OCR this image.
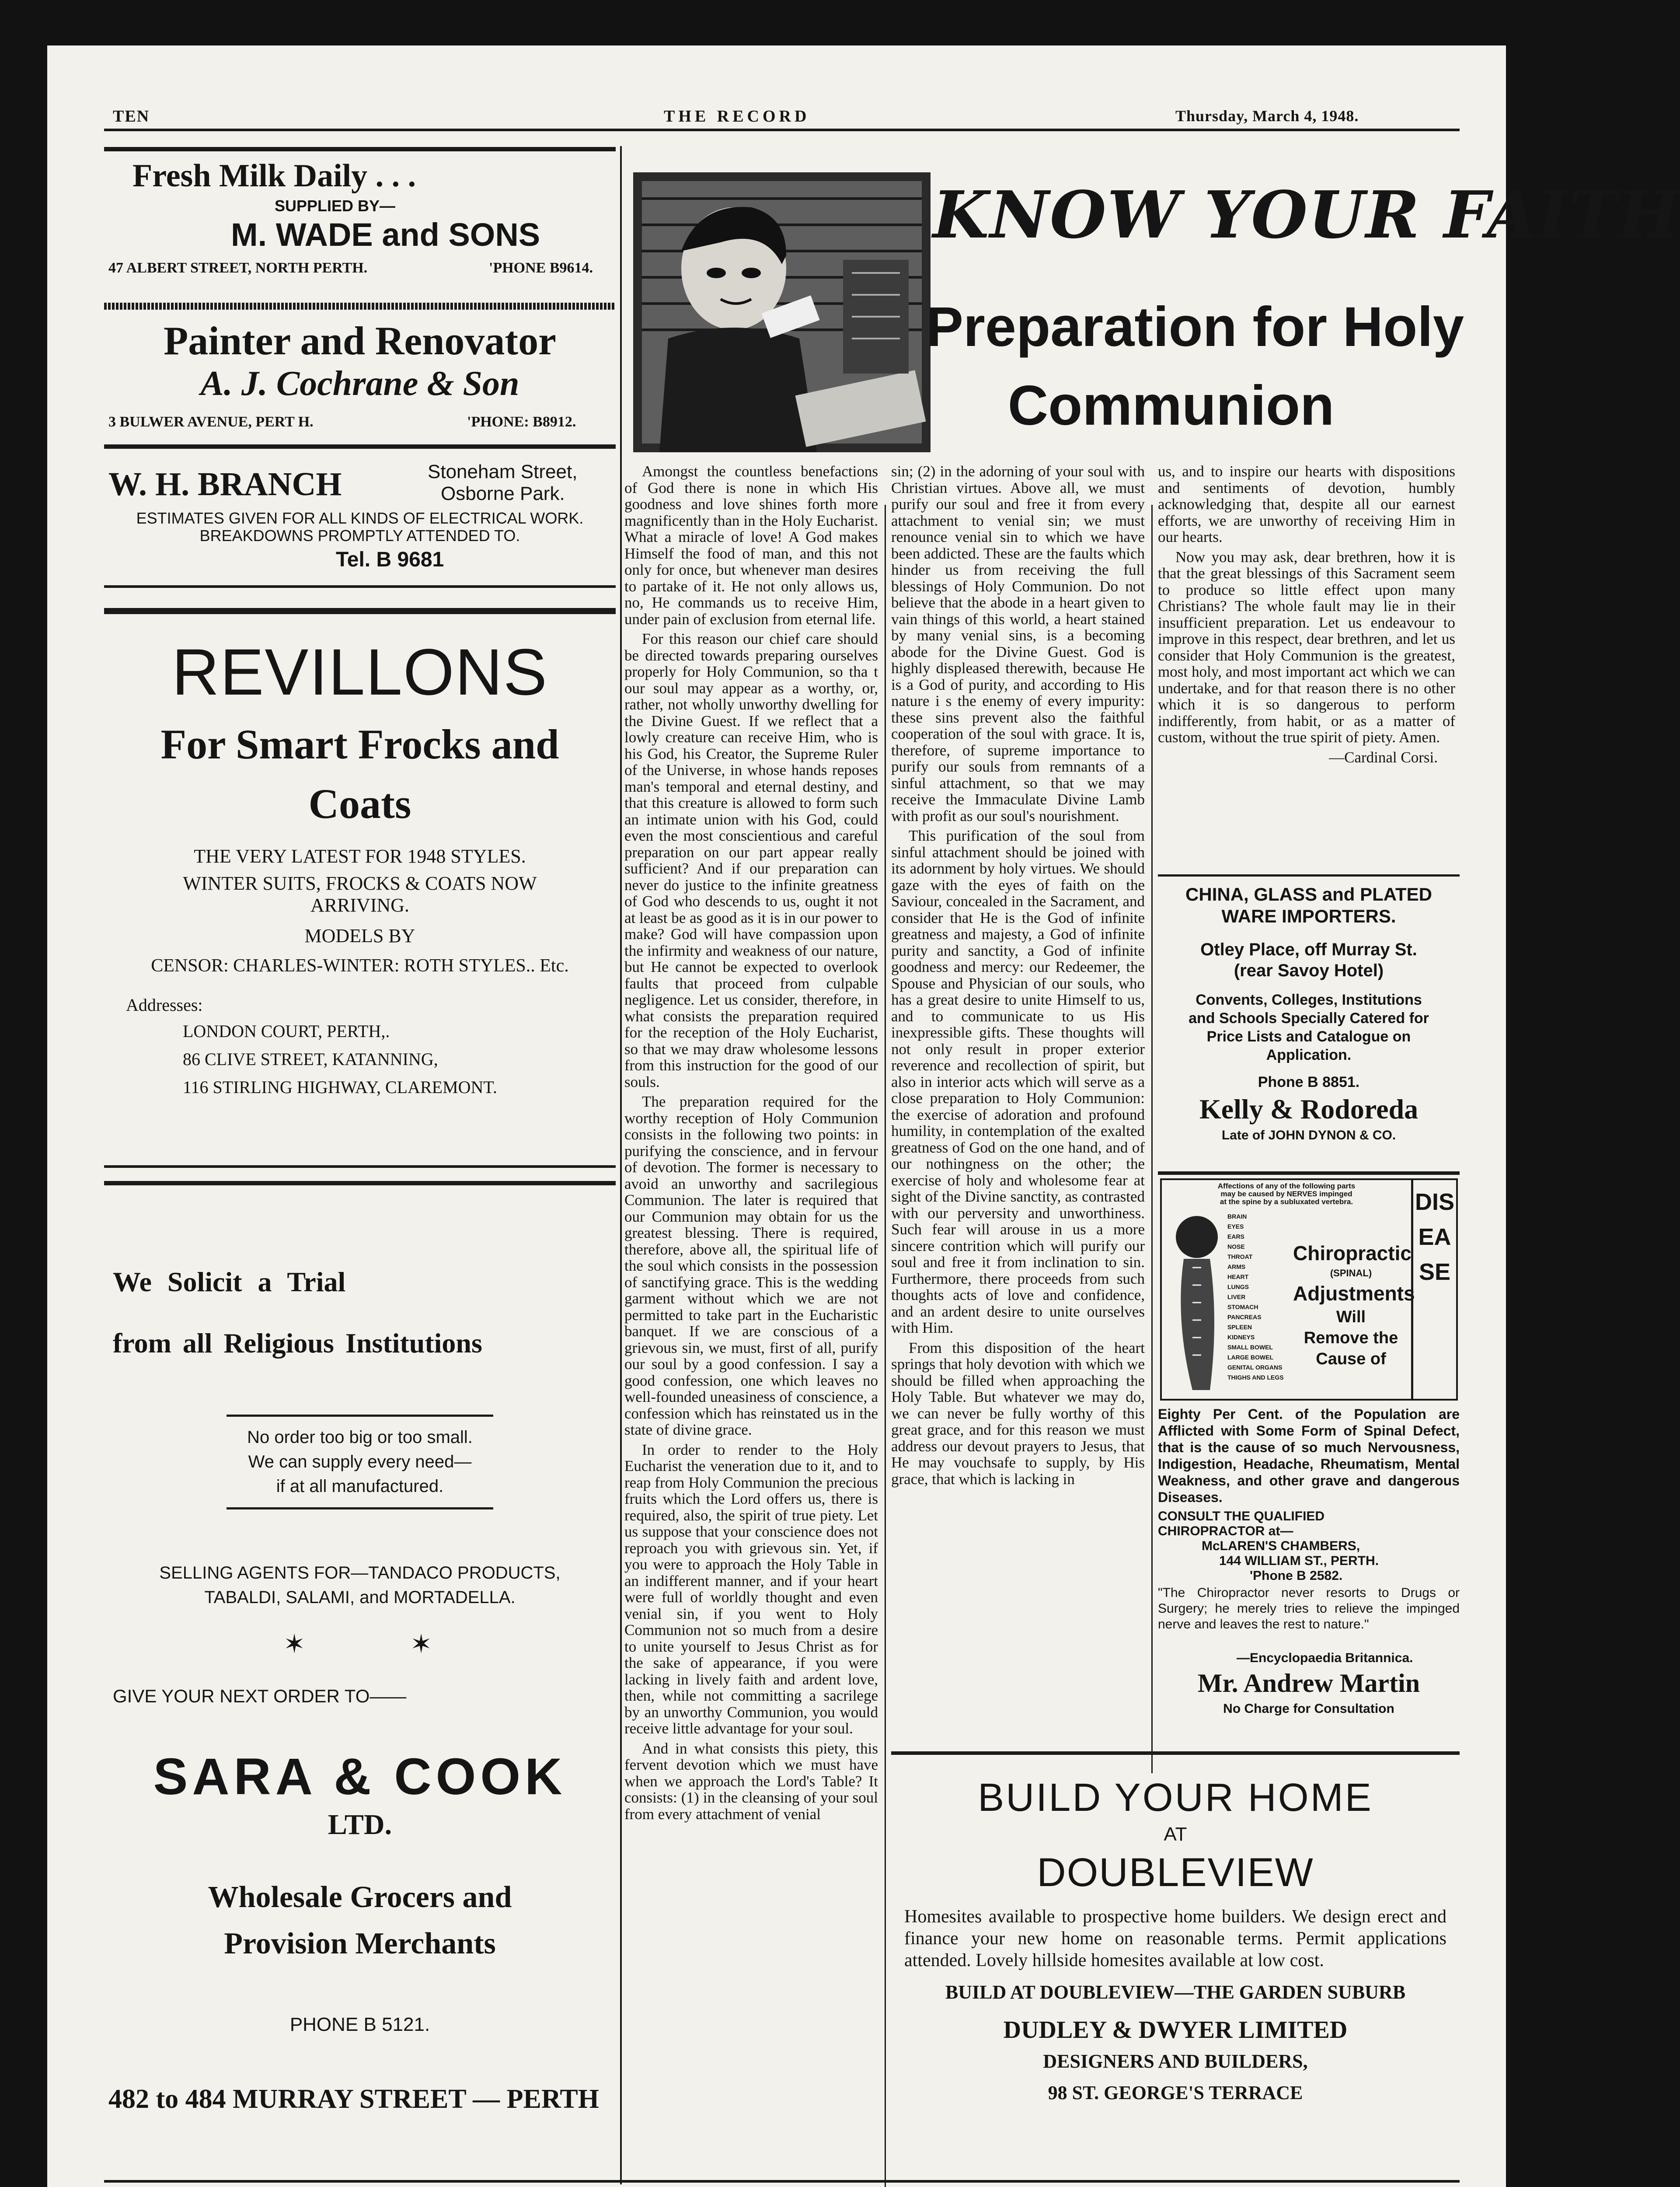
TEN	THE RECORD	Thursday, March 4, 1948.
Fresh Milk Daily . . .
SUPPLIED BY—
M. WADE and SONS
47 ALBERT STREET, NORTH PERTH.	'PHONE B9614.
Painter and Renovator
A. J. Cochrane & Son
3 BULWER AVENUE, PERT H.	'PHONE: B8912.
W. H. BRANCH	Stoneham Street,
Osborne Park.
ESTIMATES GIVEN FOR ALL KINDS OF ELECTRICAL WORK.
BREAKDOWNS PROMPTLY ATTENDED TO.
Tel. B 9681
REVILLONS
For Smart Frocks and
Coats
THE VERY LATEST FOR 1948 STYLES.
WINTER SUITS, FROCKS & COATS NOW
ARRIVING.
MODELS BY
CENSOR: CHARLES-WINTER: ROTH STYLES.. Etc.
Addresses:
LONDON COURT, PERTH,.
86 CLIVE STREET, KATANNING,
116 STIRLING HIGHWAY, CLAREMONT.
We Solicit a Trial
from all Religious Institutions
No order too big or too small.
We can supply every need—
if at all manufactured.
SELLING AGENTS FOR—TANDACO PRODUCTS,
TABALDI, SALAMI, and MORTADELLA.
✶	✶
GIVE YOUR NEXT ORDER TO——
SARA & COOK
LTD.
Wholesale Grocers and
Provision Merchants
PHONE B 5121.
482 to 484 MURRAY STREET — PERTH
KNOW YOUR FAITH
Preparation for Holy
Communion

Amongst the countless benefactions of God there is none in which His goodness and love shines forth more magnificently than in the Holy Eucharist. What a miracle of love! A God makes Himself the food of man, and this not only for once, but whenever man desires to partake of it. He not only allows us, no, He commands us to receive Him, under pain of exclusion from eternal life.

For this reason our chief care should be directed towards preparing ourselves properly for Holy Communion, so tha t our soul may appear as a worthy, or, rather, not wholly unworthy dwelling for the Divine Guest. If we reflect that a lowly creature can receive Him, who is his God, his Creator, the Supreme Ruler of the Universe, in whose hands reposes man's temporal and eternal destiny, and that this creature is allowed to form such an intimate union with his God, could even the most conscientious and careful preparation on our part appear really sufficient? And if our preparation can never do justice to the infinite greatness of God who descends to us, ought it not at least be as good as it is in our power to make? God will have compassion upon the infirmity and weakness of our nature, but He cannot be expected to overlook faults that proceed from culpable negligence. Let us consider, therefore, in what consists the preparation required for the reception of the Holy Eucharist, so that we may draw wholesome lessons from this instruction for the good of our souls.

The preparation required for the worthy reception of Holy Communion consists in the following two points: in purifying the conscience, and in fervour of devotion. The former is necessary to avoid an unworthy and sacrilegious Communion. The later is required that our Communion may obtain for us the greatest blessing. There is required, therefore, above all, the spiritual life of the soul which consists in the possession of sanctifying grace. This is the wedding garment without which we are not permitted to take part in the Eucharistic banquet. If we are conscious of a grievous sin, we must, first of all, purify our soul by a good confession. I say a good confession, one which leaves no well-founded uneasiness of conscience, a confession which has reinstated us in the state of divine grace.

In order to render to the Holy Eucharist the veneration due to it, and to reap from Holy Communion the precious fruits which the Lord offers us, there is required, also, the spirit of true piety. Let us suppose that your conscience does not reproach you with grievous sin. Yet, if you were to approach the Holy Table in an indifferent manner, and if your heart were full of worldly thought and even venial sin, if you went to Holy Communion not so much from a desire to unite yourself to Jesus Christ as for the sake of appearance, if you were lacking in lively faith and ardent love, then, while not committing a sacrilege by an unworthy Communion, you would receive little advantage for your soul.

And in what consists this piety, this fervent devotion which we must have when we approach the Lord's Table? It consists: (1) in the cleansing of your soul from every attachment of venial

sin; (2) in the adorning of your soul with Christian virtues. Above all, we must purify our soul and free it from every attachment to venial sin; we must renounce venial sin to which we have been addicted. These are the faults which hinder us from receiving the full blessings of Holy Communion. Do not believe that the abode in a heart given to vain things of this world, a heart stained by many venial sins, is a becoming abode for the Divine Guest. God is highly displeased therewith, because He is a God of purity, and according to His nature i s the enemy of every impurity: these sins prevent also the faithful cooperation of the soul with grace. It is, therefore, of supreme importance to purify our souls from remnants of a sinful attachment, so that we may receive the Immaculate Divine Lamb with profit as our soul's nourishment.

This purification of the soul from sinful attachment should be joined with its adornment by holy virtues. We should gaze with the eyes of faith on the Saviour, concealed in the Sacrament, and consider that He is the God of infinite greatness and majesty, a God of infinite purity and sanctity, a God of infinite goodness and mercy: our Redeemer, the Spouse and Physician of our souls, who has a great desire to unite Himself to us, and to communicate to us His inexpressible gifts. These thoughts will not only result in proper exterior reverence and recollection of spirit, but also in interior acts which will serve as a close preparation to Holy Communion: the exercise of adoration and profound humility, in contemplation of the exalted greatness of God on the one hand, and of our nothingness on the other; the exercise of holy and wholesome fear at sight of the Divine sanctity, as contrasted with our perversity and unworthiness. Such fear will arouse in us a more sincere contrition which will purify our soul and free it from inclination to sin. Furthermore, there proceeds from such thoughts acts of love and confidence, and an ardent desire to unite ourselves with Him.

From this disposition of the heart springs that holy devotion with which we should be filled when approaching the Holy Table. But whatever we may do, we can never be fully worthy of this great grace, and for this reason we must address our devout prayers to Jesus, that He may vouchsafe to supply, by His grace, that which is lacking in

us, and to inspire our hearts with dispositions and sentiments of devotion, humbly acknowledging that, despite all our earnest efforts, we are unworthy of receiving Him in our hearts.

Now you may ask, dear brethren, how it is that the great blessings of this Sacrament seem to produce so little effect upon many Christians? The whole fault may lie in their insufficient preparation. Let us endeavour to improve in this respect, dear brethren, and let us consider that Holy Communion is the greatest, most holy, and most important act which we can undertake, and for that reason there is no other which it is so dangerous to perform indifferently, from habit, or as a matter of custom, without the true spirit of piety. Amen.

—Cardinal Corsi.
CHINA, GLASS and PLATED
WARE IMPORTERS.
Otley Place, off Murray St.
(rear Savoy Hotel)
Convents, Colleges, Institutions
and Schools Specially Catered for
Price Lists and Catalogue on
Application.
Phone B 8851.
Kelly & Rodoreda
Late of JOHN DYNON & CO.
Affections of any of the following parts
may be caused by NERVES impinged
at the spine by a subluxated vertebra.
BRAIN
EYES
EARS
NOSE
THROAT
ARMS
HEART
LUNGS
LIVER
STOMACH
PANCREAS
SPLEEN
KIDNEYS
SMALL BOWEL
LARGE BOWEL
GENITAL ORGANS
THIGHS AND LEGS
Chiropractic
(SPINAL)
Adjustments
Will
Remove the
Cause of
DISEASE
Eighty Per Cent. of the Population are Afflicted with Some Form of Spinal Defect, that is the cause of so much Nervousness, Indigestion, Headache, Rheumatism, Mental Weakness, and other grave and dangerous Diseases.
CONSULT THE QUALIFIED
CHIROPRACTOR at—
McLAREN'S CHAMBERS,
144 WILLIAM ST., PERTH.
'Phone B 2582.
"The Chiropractor never resorts to Drugs or Surgery; he merely tries to relieve the impinged nerve and leaves the rest to nature."
—Encyclopaedia Britannica.
Mr. Andrew Martin
No Charge for Consultation
BUILD YOUR HOME
AT
DOUBLEVIEW
Homesites available to prospective home builders. We design erect and finance your new home on reasonable terms. Permit applications attended. Lovely hillside homesites available at low cost.
BUILD AT DOUBLEVIEW—THE GARDEN SUBURB
DUDLEY & DWYER LIMITED
DESIGNERS AND BUILDERS,
98 ST. GEORGE'S TERRACE
